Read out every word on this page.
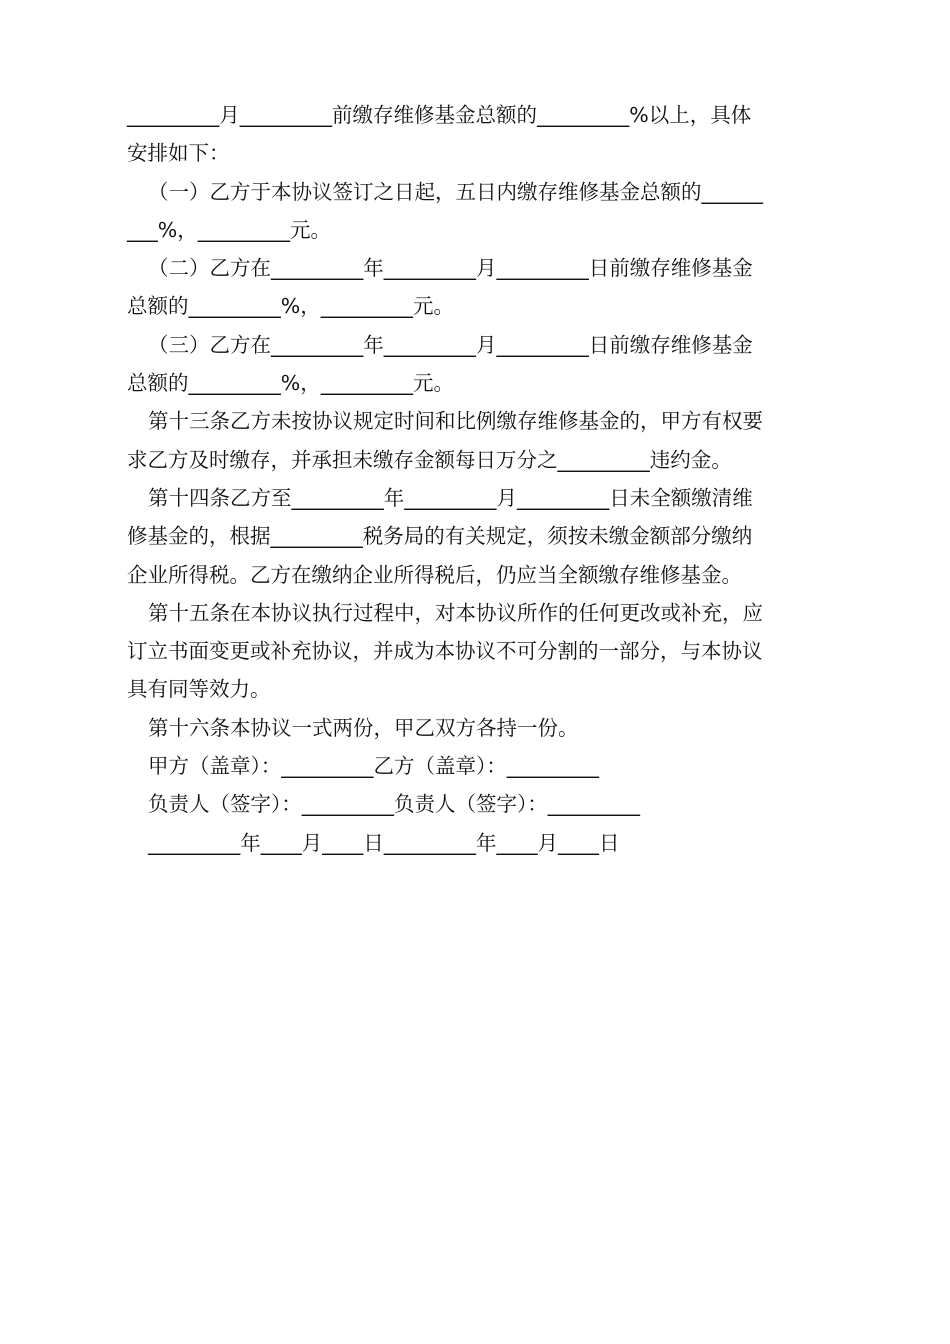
_________月_________前缴存维修基金总额的_________%以上，具体
安排如下：
（一）乙方于本协议签订之日起，五日内缴存维修基金总额的______
___%，_________元。
（二）乙方在_________年_________月_________日前缴存维修基金
总额的_________%，_________元。
（三）乙方在_________年_________月_________日前缴存维修基金
总额的_________%，_________元。
第十三条乙方未按协议规定时间和比例缴存维修基金的，甲方有权要
求乙方及时缴存，并承担未缴存金额每日万分之_________违约金。
第十四条乙方至_________年_________月_________日未全额缴清维
修基金的，根据_________税务局的有关规定，须按未缴金额部分缴纳
企业所得税。乙方在缴纳企业所得税后，仍应当全额缴存维修基金。
第十五条在本协议执行过程中，对本协议所作的任何更改或补充，应
订立书面变更或补充协议，并成为本协议不可分割的一部分，与本协议
具有同等效力。
第十六条本协议一式两份，甲乙双方各持一份。
甲方（盖章）：_________乙方（盖章）：_________
负责人（签字）：_________负责人（签字）：_________
_________年____月____日_________年____月____日
